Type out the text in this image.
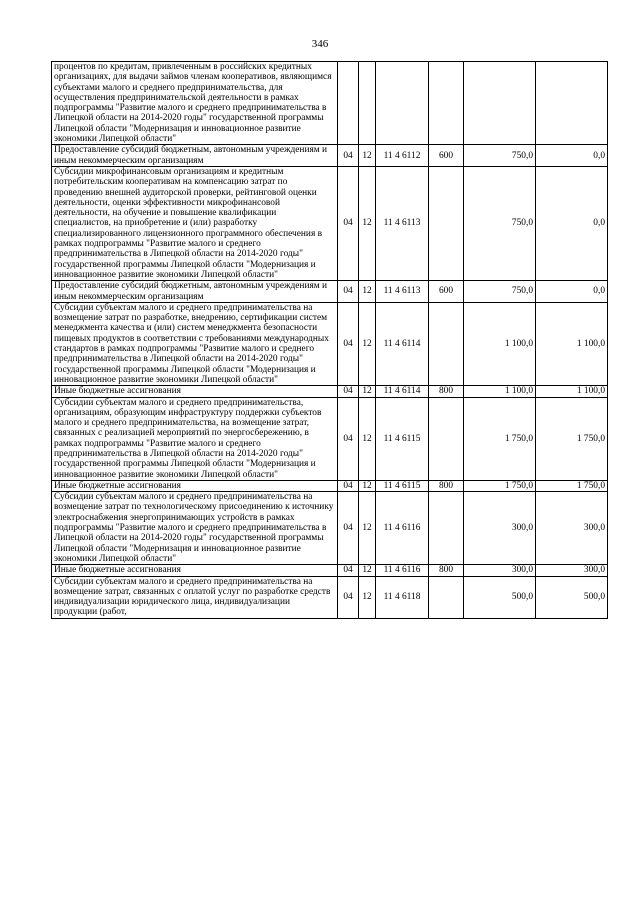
346
процентов по кредитам, привлеченным в российских кредитных организациях, для выдачи займов членам кооперативов, являющимся субъектами малого и среднего предпринимательства, для осуществления предпринимательской деятельности в рамках подпрограммы "Развитие малого и среднего предпринимательства в Липецкой области на 2014-2020 годы" государственной программы Липецкой области "Модернизация и инновационное развитие экономики Липецкой области"						
Предоставление субсидий бюджетным, автономным учреждениям и иным некоммерческим организациям	04	12	11 4 6112	600	750,0	0,0
Субсидии микрофинансовым организациям и кредитным потребительским кооперативам на компенсацию затрат по проведению внешней аудиторской проверки, рейтинговой оценки деятельности, оценки эффективности микрофинансовой деятельности, на обучение и повышение квалификации специалистов, на приобретение и (или) разработку специализированного лицензионного программного обеспечения в рамках подпрограммы "Развитие малого и среднего предпринимательства в Липецкой области на 2014-2020 годы" государственной программы Липецкой области "Модернизация и инновационное развитие экономики Липецкой области"	04	12	11 4 6113		750,0	0,0
Предоставление субсидий бюджетным, автономным учреждениям и иным некоммерческим организациям	04	12	11 4 6113	600	750,0	0,0
Субсидии субъектам малого и среднего предпринимательства на возмещение затрат по разработке, внедрению, сертификации систем менеджмента качества и (или) систем менеджмента безопасности пищевых продуктов в соответствии с требованиями международных стандартов в рамках подпрограммы "Развитие малого и среднего предпринимательства в Липецкой области на 2014-2020 годы" государственной программы Липецкой области "Модернизация и инновационное развитие экономики Липецкой области"	04	12	11 4 6114		1 100,0	1 100,0
Иные бюджетные ассигнования	04	12	11 4 6114	800	1 100,0	1 100,0
Субсидии субъектам малого и среднего предпринимательства, организациям, образующим инфраструктуру поддержки субъектов малого и среднего предпринимательства, на возмещение затрат, связанных с реализацией мероприятий по энергосбережению, в рамках подпрограммы "Развитие малого и среднего предпринимательства в Липецкой области на 2014-2020 годы" государственной программы Липецкой области "Модернизация и инновационное развитие экономики Липецкой области"	04	12	11 4 6115		1 750,0	1 750,0
Иные бюджетные ассигнования	04	12	11 4 6115	800	1 750,0	1 750,0
Субсидии субъектам малого и среднего предпринимательства на возмещение затрат по технологическому присоединению к источнику электроснабжения энергопринимающих устройств в рамках подпрограммы "Развитие малого и среднего предпринимательства в Липецкой области на 2014-2020 годы" государственной программы Липецкой области "Модернизация и инновационное развитие экономики Липецкой области"	04	12	11 4 6116		300,0	300,0
Иные бюджетные ассигнования	04	12	11 4 6116	800	300,0	300,0
Субсидии субъектам малого и среднего предпринимательства на возмещение затрат, связанных с оплатой услуг по разработке средств индивидуализации юридического лица, индивидуализации продукции (работ,	04	12	11 4 6118		500,0	500,0
